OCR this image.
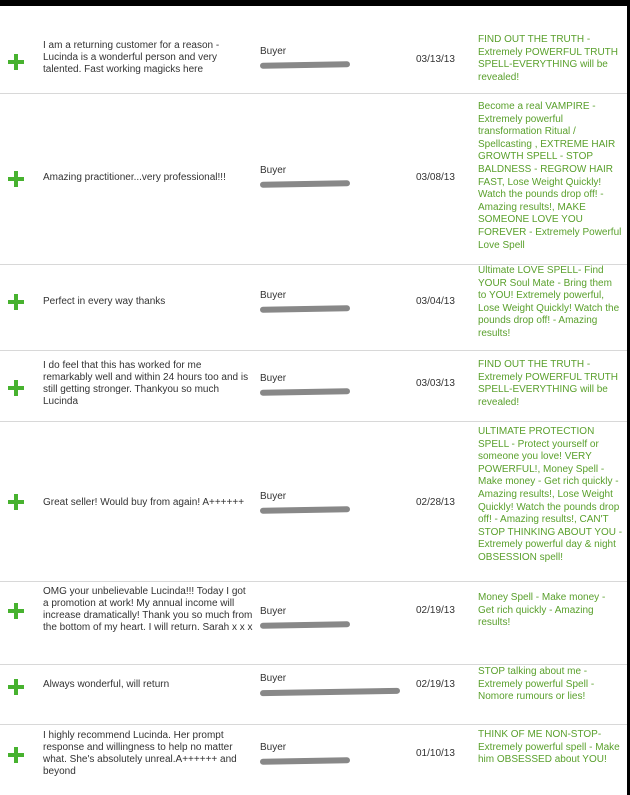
I am a returning customer for a reason - Lucinda is a wonderful person and very talented. Fast working magicks here
Buyer
03/13/13
FIND OUT THE TRUTH - Extremely POWERFUL TRUTH SPELL-EVERYTHING will be revealed!
Amazing practitioner...very professional!!!
Buyer
03/08/13
Become a real VAMPIRE - Extremely powerful transformation Ritual / Spellcasting , EXTREME HAIR GROWTH SPELL - STOP BALDNESS - REGROW HAIR FAST, Lose Weight Quickly! Watch the pounds drop off! - Amazing results!, MAKE SOMEONE LOVE YOU FOREVER - Extremely Powerful Love Spell
Perfect in every way thanks
Buyer
03/04/13
Ultimate LOVE SPELL- Find YOUR Soul Mate - Bring them to YOU! Extremely powerful, Lose Weight Quickly! Watch the pounds drop off! - Amazing results!
I do feel that this has worked for me remarkably well and within 24 hours too and is still getting stronger. Thankyou so much Lucinda
Buyer	03/03/13
FIND OUT THE TRUTH - Extremely POWERFUL TRUTH SPELL-EVERYTHING will be revealed!
Great seller! Would buy from again! A++++++
Buyer
02/28/13
ULTIMATE PROTECTION SPELL - Protect yourself or someone you love! VERY POWERFUL!, Money Spell - Make money - Get rich quickly - Amazing results!, Lose Weight Quickly! Watch the pounds drop off! - Amazing results!, CAN'T STOP THINKING ABOUT YOU - Extremely powerful day & night OBSESSION spell!
OMG your unbelievable Lucinda!!! Today I got a promotion at work! My annual income will increase dramatically! Thank you so much from the bottom of my heart. I will return. Sarah x x x
Buyer	02/19/13
Money Spell - Make money - Get rich quickly - Amazing results!
Always wonderful, will return
Buyer
02/19/13
STOP talking about me - Extremely powerful Spell - Nomore rumours or lies!
I highly recommend Lucinda. Her prompt response and willingness to help no matter what. She's absolutely unreal.A++++++ and beyond
Buyer
01/10/13
THINK OF ME NON-STOP- Extremely powerful spell - Make him OBSESSED about YOU!
